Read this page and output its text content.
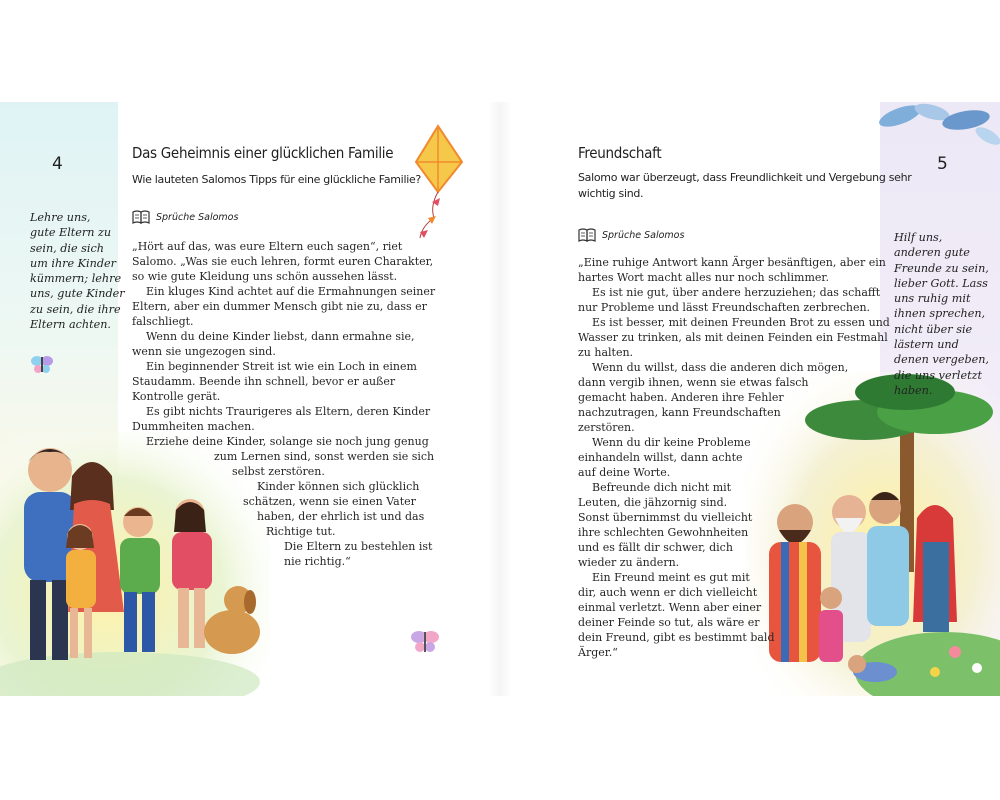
4
Lehre uns,
gute Eltern zu
sein, die sich
um ihre Kinder
kümmern; lehre
uns, gute Kinder
zu sein, die ihre
Eltern achten.
Das Geheimnis einer glücklichen Familie
Wie lauteten Salomos Tipps für eine glückliche Familie?
Sprüche Salomos
„Hört auf das, was eure Eltern euch sagen“, riet
Salomo. „Was sie euch lehren, formt euren Charakter,
so wie gute Kleidung uns schön aussehen lässt.
Ein kluges Kind achtet auf die Ermahnungen seiner
Eltern, aber ein dummer Mensch gibt nie zu, dass er
falschliegt.
Wenn du deine Kinder liebst, dann ermahne sie,
wenn sie ungezogen sind.
Ein beginnender Streit ist wie ein Loch in einem
Staudamm. Beende ihn schnell, bevor er außer
Kontrolle gerät.
Es gibt nichts Traurigeres als Eltern, deren Kinder
Dummheiten machen.
Erziehe deine Kinder, solange sie noch jung genug
zum Lernen sind, sonst werden sie sich
selbst zerstören.
Kinder können sich glücklich
schätzen, wenn sie einen Vater
haben, der ehrlich ist und das
Richtige tut.
Die Eltern zu bestehlen ist
nie richtig.“
5
Hilf uns,
anderen gute
Freunde zu sein,
lieber Gott. Lass
uns ruhig mit
ihnen sprechen,
nicht über sie
lästern und
denen vergeben,
die uns verletzt
haben.
Freundschaft
Salomo war überzeugt, dass Freundlichkeit und Vergebung sehr
wichtig sind.
Sprüche Salomos
„Eine ruhige Antwort kann Ärger besänftigen, aber ein
hartes Wort macht alles nur noch schlimmer.
Es ist nie gut, über andere herzuziehen; das schafft
nur Probleme und lässt Freundschaften zerbrechen.
Es ist besser, mit deinen Freunden Brot zu essen und
Wasser zu trinken, als mit deinen Feinden ein Festmahl
zu halten.
Wenn du willst, dass die anderen dich mögen,
dann vergib ihnen, wenn sie etwas falsch
gemacht haben. Anderen ihre Fehler
nachzutragen, kann Freundschaften
zerstören.
Wenn du dir keine Probleme
einhandeln willst, dann achte
auf deine Worte.
Befreunde dich nicht mit
Leuten, die jähzornig sind.
Sonst übernimmst du vielleicht
ihre schlechten Gewohnheiten
und es fällt dir schwer, dich
wieder zu ändern.
Ein Freund meint es gut mit
dir, auch wenn er dich vielleicht
einmal verletzt. Wenn aber einer
deiner Feinde so tut, als wäre er
dein Freund, gibt es bestimmt bald
Ärger.“
